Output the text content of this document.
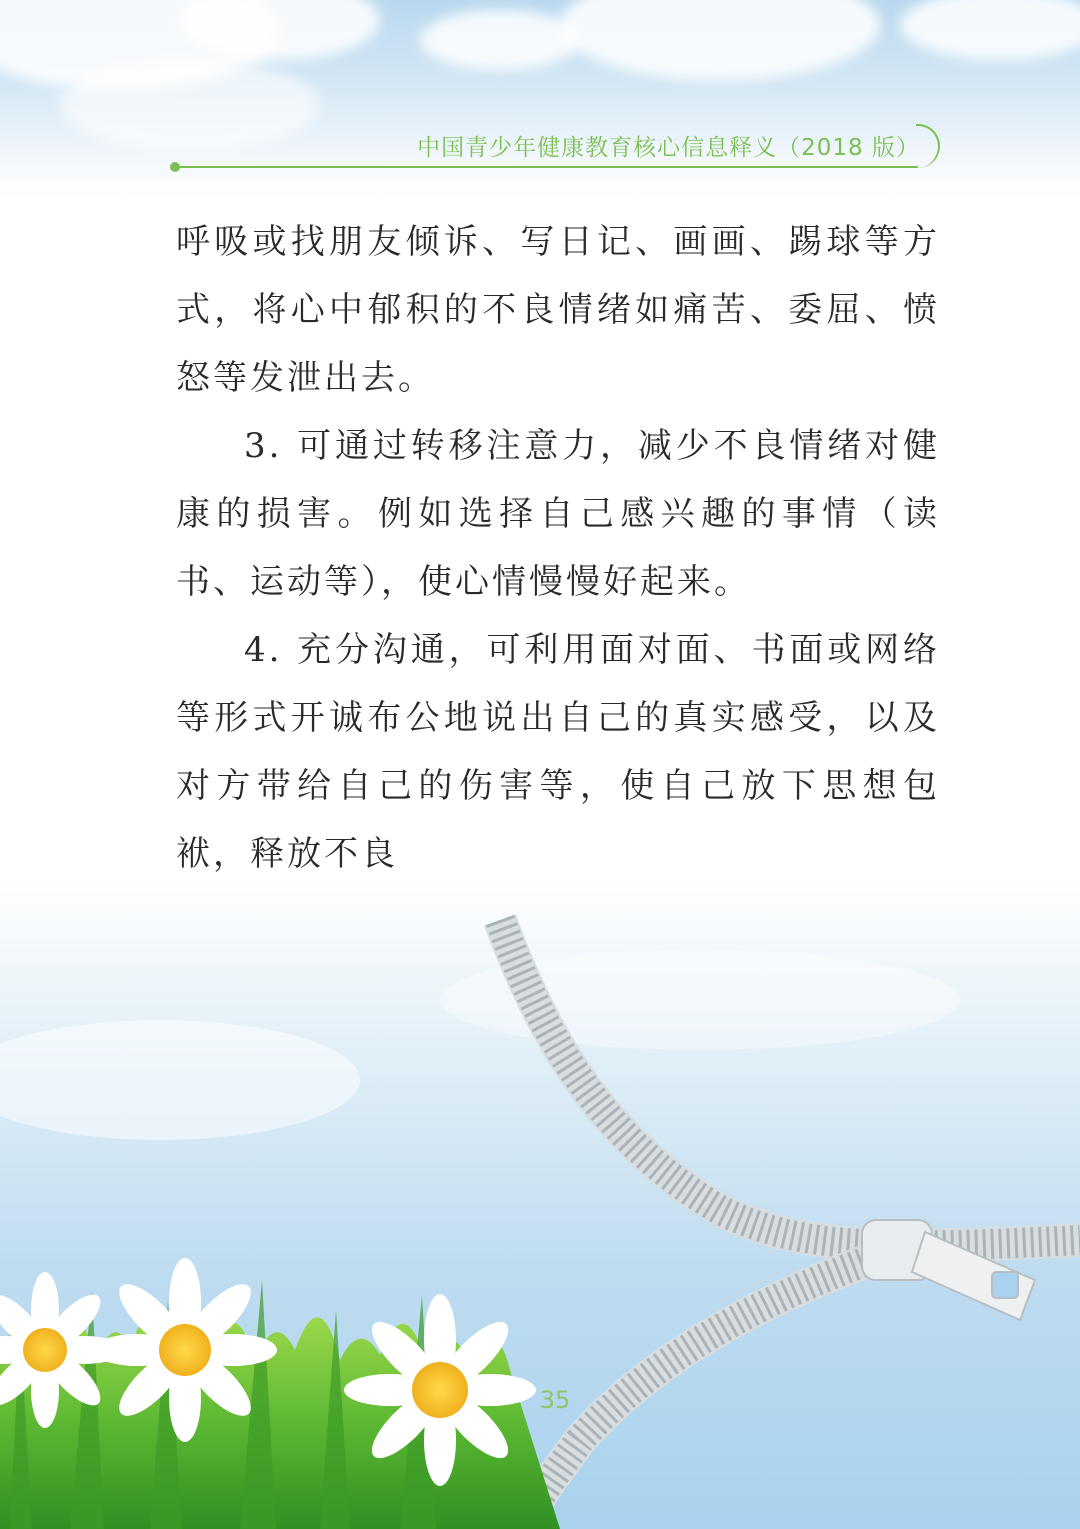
中国青少年健康教育核心信息释义（2018 版）

呼吸或找朋友倾诉、写日记、画画、踢球等方式，将心中郁积的不良情绪如痛苦、委屈、愤怒等发泄出去。

3. 可通过转移注意力，减少不良情绪对健康的损害。例如选择自己感兴趣的事情（读书、运动等），使心情慢慢好起来。

4. 充分沟通，可利用面对面、书面或网络等形式开诚布公地说出自己的真实感受，以及对方带给自己的伤害等，使自己放下思想包袱，释放不良

35
